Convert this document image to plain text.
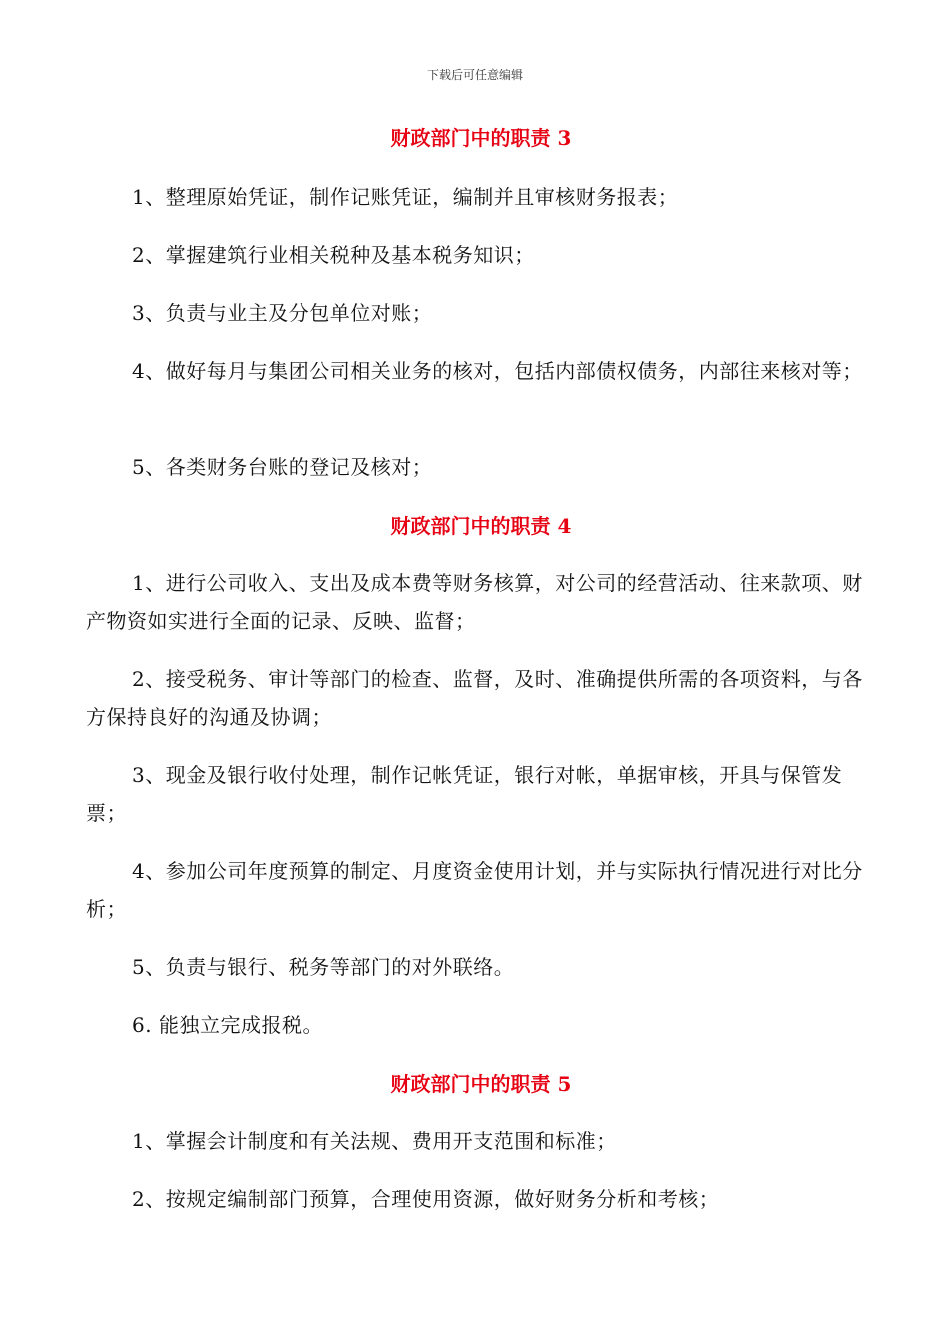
下载后可任意编辑

财政部门中的职责 3

1、整理原始凭证，制作记账凭证，编制并且审核财务报表；

2、掌握建筑行业相关税种及基本税务知识；

3、负责与业主及分包单位对账；

4、做好每月与集团公司相关业务的核对，包括内部债权债务，内部往来核对等；

5、各类财务台账的登记及核对；

财政部门中的职责 4

1、进行公司收入、支出及成本费等财务核算，对公司的经营活动、往来款项、财产物资如实进行全面的记录、反映、监督；

2、接受税务、审计等部门的检查、监督，及时、准确提供所需的各项资料，与各方保持良好的沟通及协调；

3、现金及银行收付处理，制作记帐凭证，银行对帐，单据审核，开具与保管发票；

4、参加公司年度预算的制定、月度资金使用计划，并与实际执行情况进行对比分析；

5、负责与银行、税务等部门的对外联络。

6. 能独立完成报税。

财政部门中的职责 5

1、掌握会计制度和有关法规、费用开支范围和标准；

2、按规定编制部门预算，合理使用资源，做好财务分析和考核；
